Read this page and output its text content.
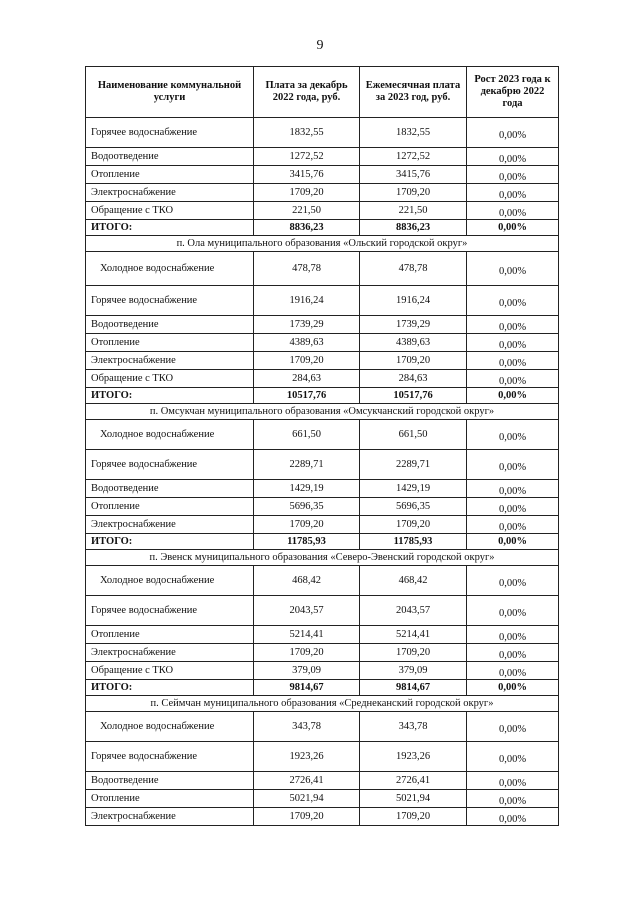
9
Наименование коммунальной услуги	Плата за декабрь 2022 года, руб.	Ежемесячная плата за 2023 год, руб.	Рост 2023 года к декабрю 2022 года
Горячее водоснабжение	1832,55	1832,55	0,00%
Водоотведение	1272,52	1272,52	0,00%
Отопление	3415,76	3415,76	0,00%
Электроснабжение	1709,20	1709,20	0,00%
Обращение с ТКО	221,50	221,50	0,00%
ИТОГО:	8836,23	8836,23	0,00%
п. Ола муниципального образования «Ольский городской округ»			
Холодное водоснабжение	478,78	478,78	0,00%
Горячее водоснабжение	1916,24	1916,24	0,00%
Водоотведение	1739,29	1739,29	0,00%
Отопление	4389,63	4389,63	0,00%
Электроснабжение	1709,20	1709,20	0,00%
Обращение с ТКО	284,63	284,63	0,00%
ИТОГО:	10517,76	10517,76	0,00%
п. Омсукчан муниципального образования «Омсукчанский городской округ»			
Холодное водоснабжение	661,50	661,50	0,00%
Горячее водоснабжение	2289,71	2289,71	0,00%
Водоотведение	1429,19	1429,19	0,00%
Отопление	5696,35	5696,35	0,00%
Электроснабжение	1709,20	1709,20	0,00%
ИТОГО:	11785,93	11785,93	0,00%
п. Эвенск муниципального образования «Северо-Эвенский городской округ»			
Холодное водоснабжение	468,42	468,42	0,00%
Горячее водоснабжение	2043,57	2043,57	0,00%
Отопление	5214,41	5214,41	0,00%
Электроснабжение	1709,20	1709,20	0,00%
Обращение с ТКО	379,09	379,09	0,00%
ИТОГО:	9814,67	9814,67	0,00%
п. Сеймчан муниципального образования «Среднеканский городской округ»			
Холодное водоснабжение	343,78	343,78	0,00%
Горячее водоснабжение	1923,26	1923,26	0,00%
Водоотведение	2726,41	2726,41	0,00%
Отопление	5021,94	5021,94	0,00%
Электроснабжение	1709,20	1709,20	0,00%
